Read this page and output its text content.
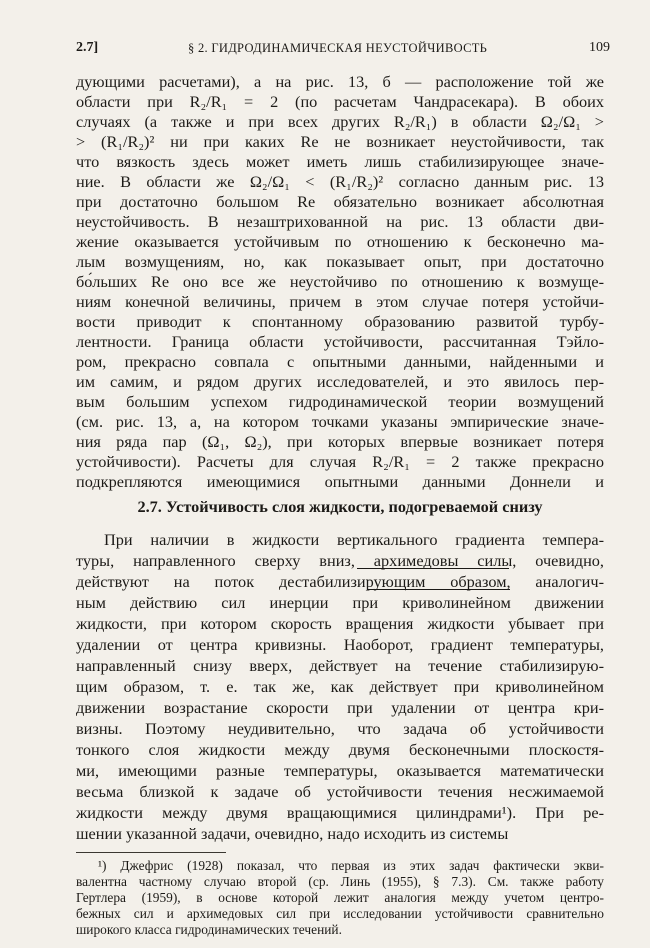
2.7]	§ 2. ГИДРОДИНАМИЧЕСКАЯ НЕУСТОЙЧИВОСТЬ	109
дующими расчетами), а на рис. 13, б — расположение той же
области при R₂/R₁ = 2 (по расчетам Чандрасекара). В обоих
случаях (а также и при всех других R₂/R₁) в области Ω₂/Ω₁ >
> (R₁/R₂)² ни при каких Re не возникает неустойчивости, так
что вязкость здесь может иметь лишь стабилизирующее значе-
ние. В области же Ω₂/Ω₁ < (R₁/R₂)² согласно данным рис. 13
при достаточно большом Re обязательно возникает абсолютная
неустойчивость. В незаштрихованной на рис. 13 области дви-
жение оказывается устойчивым по отношению к бесконечно ма-
лым возмущениям, но, как показывает опыт, при достаточно
бо́льших Re оно все же неустойчиво по отношению к возмуще-
ниям конечной величины, причем в этом случае потеря устойчи-
вости приводит к спонтанному образованию развитой турбу-
лентности. Граница области устойчивости, рассчитанная Тэйло-
ром, прекрасно совпала с опытными данными, найденными и
им самим, и рядом других исследователей, и это явилось пер-
вым большим успехом гидродинамической теории возмущений
(см. рис. 13, а, на котором точками указаны эмпирические значе-
ния ряда пар (Ω₁, Ω₂), при которых впервые возникает потеря
устойчивости). Расчеты для случая R₂/R₁ = 2 также прекрасно
подкрепляются имеющимися опытными данными Доннели и
2.7. Устойчивость слоя жидкости, подогреваемой снизу
При наличии в жидкости вертикального градиента темпера-
туры, направленного сверху вниз, архимедовы силы, очевидно,
действуют на поток дестабилизирующим образом, аналогич-
ным действию сил инерции при криволинейном движении
жидкости, при котором скорость вращения жидкости убывает при
удалении от центра кривизны. Наоборот, градиент температуры,
направленный снизу вверх, действует на течение стабилизирую-
щим образом, т. е. так же, как действует при криволинейном
движении возрастание скорости при удалении от центра кри-
визны. Поэтому неудивительно, что задача об устойчивости
тонкого слоя жидкости между двумя бесконечными плоскостя-
ми, имеющими разные температуры, оказывается математически
весьма близкой к задаче об устойчивости течения несжимаемой
жидкости между двумя вращающимися цилиндрами¹). При ре-
шении указанной задачи, очевидно, надо исходить из системы
¹) Джефрис (1928) показал, что первая из этих задач фактически экви-
валентна частному случаю второй (ср. Линь (1955), § 7.3). См. также работу
Гертлера (1959), в основе которой лежит аналогия между учетом центро-
бежных сил и архимедовых сил при исследовании устойчивости сравнительно
широкого класса гидродинамических течений.
